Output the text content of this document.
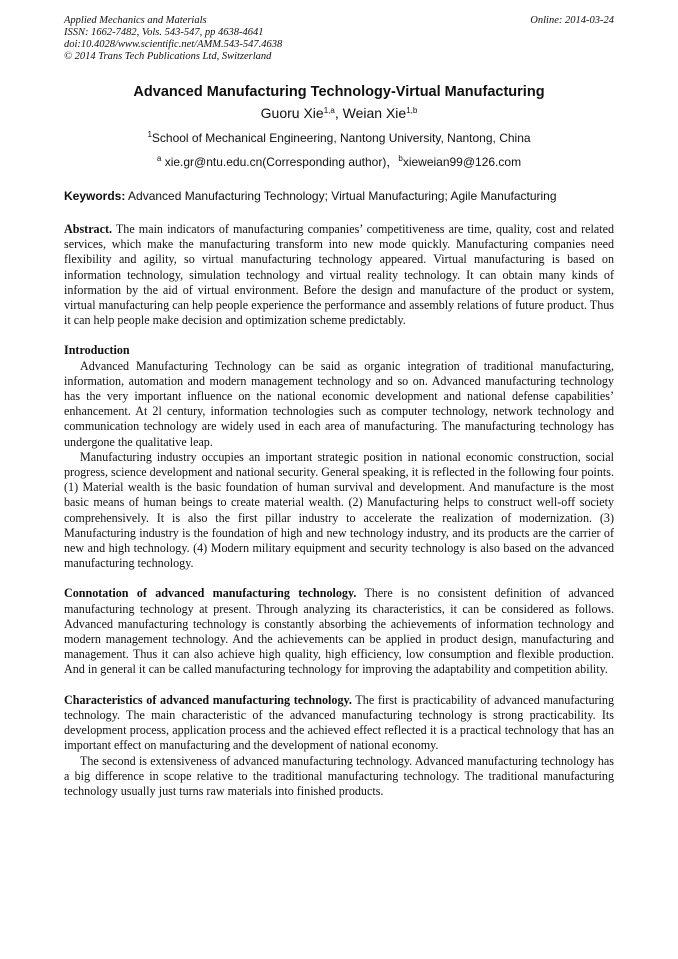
Applied Mechanics and Materials
ISSN: 1662-7482, Vols. 543-547, pp 4638-4641
doi:10.4028/www.scientific.net/AMM.543-547.4638
© 2014 Trans Tech Publications Ltd, Switzerland
Online: 2014-03-24
Advanced Manufacturing Technology-Virtual Manufacturing
Guoru Xie$^{1,a}$, Weian Xie$^{1,b}$
$^1$School of Mechanical Engineering, Nantong University, Nantong, China
$^a$ xie.gr@ntu.edu.cn(Corresponding author)，$^b$xieweian99@126.com
Keywords: Advanced Manufacturing Technology; Virtual Manufacturing; Agile Manufacturing

Abstract. The main indicators of manufacturing companies’ competitiveness are time, quality, cost and related services, which make the manufacturing transform into new mode quickly. Manufacturing companies need flexibility and agility, so virtual manufacturing technology appeared. Virtual manufacturing is based on information technology, simulation technology and virtual reality technology. It can obtain many kinds of information by the aid of virtual environment. Before the design and manufacture of the product or system, virtual manufacturing can help people experience the performance and assembly relations of future product. Thus it can help people make decision and optimization scheme predictably.

Introduction

Advanced Manufacturing Technology can be said as organic integration of traditional manufacturing, information, automation and modern management technology and so on. Advanced manufacturing technology has the very important influence on the national economic development and national defense capabilities’ enhancement. At 2l century, information technologies such as computer technology, network technology and communication technology are widely used in each area of manufacturing. The manufacturing technology has undergone the qualitative leap.

Manufacturing industry occupies an important strategic position in national economic construction, social progress, science development and national security. General speaking, it is reflected in the following four points. (1) Material wealth is the basic foundation of human survival and development. And manufacture is the most basic means of human beings to create material wealth. (2) Manufacturing helps to construct well-off society comprehensively. It is also the first pillar industry to accelerate the realization of modernization. (3) Manufacturing industry is the foundation of high and new technology industry, and its products are the carrier of new and high technology. (4) Modern military equipment and security technology is also based on the advanced manufacturing technology.

Connotation of advanced manufacturing technology. There is no consistent definition of advanced manufacturing technology at present. Through analyzing its characteristics, it can be considered as follows. Advanced manufacturing technology is constantly absorbing the achievements of information technology and modern management technology. And the achievements can be applied in product design, manufacturing and management. Thus it can also achieve high quality, high efficiency, low consumption and flexible production. And in general it can be called manufacturing technology for improving the adaptability and competition ability.

Characteristics of advanced manufacturing technology. The first is practicability of advanced manufacturing technology. The main characteristic of the advanced manufacturing technology is strong practicability. Its development process, application process and the achieved effect reflected it is a practical technology that has an important effect on manufacturing and the development of national economy.

The second is extensiveness of advanced manufacturing technology. Advanced manufacturing technology has a big difference in scope relative to the traditional manufacturing technology. The traditional manufacturing technology usually just turns raw materials into finished products.
